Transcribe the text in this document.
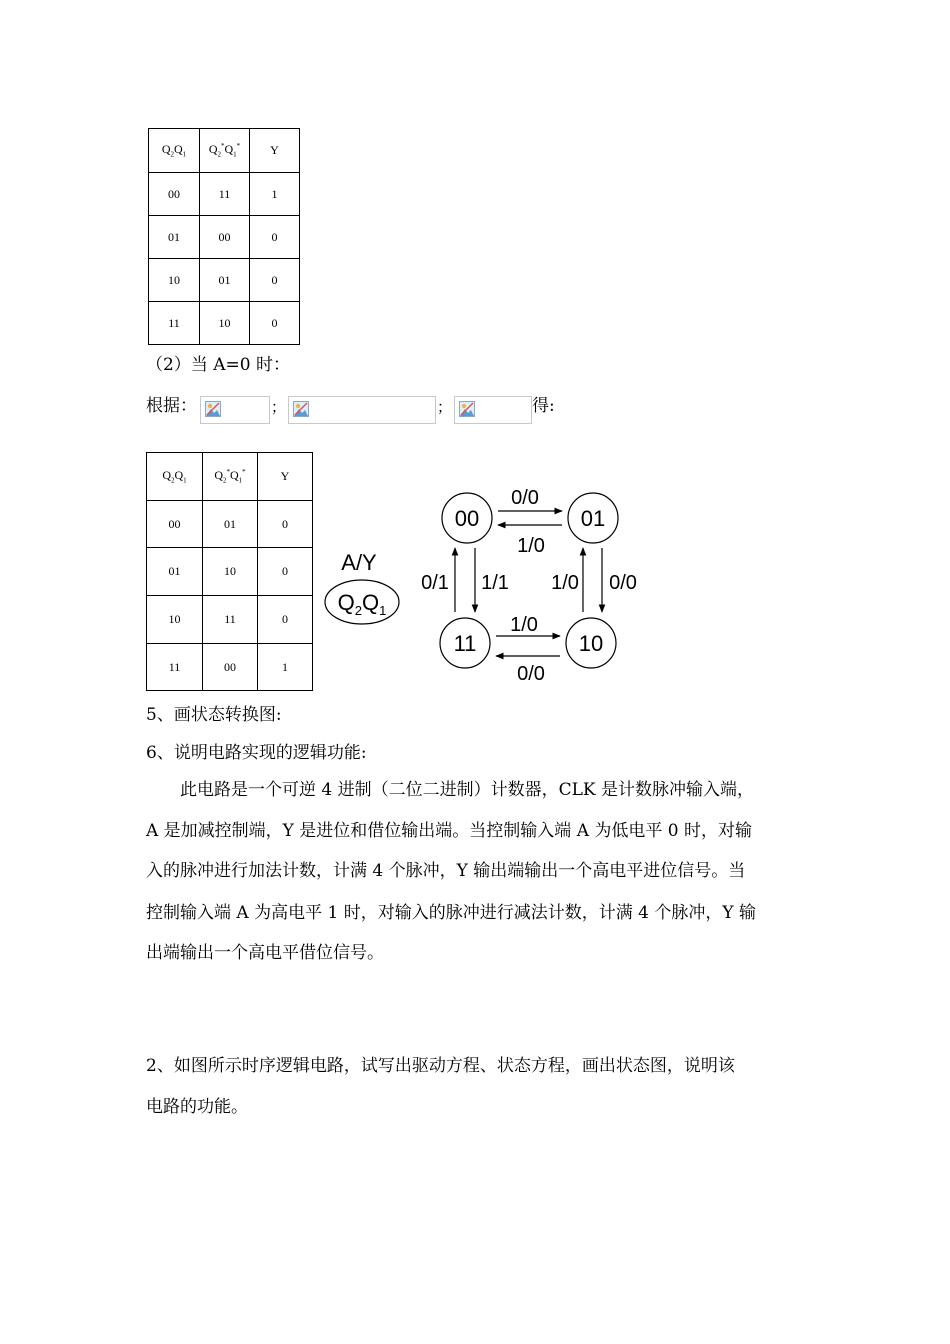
$Q_2Q_1$	$Q_2^*Q_1^*$	Y
00	11	1
01	00	0
10	01	0
11	10	0
（2）当 A=0 时：
根据：	；	；	得:
$Q_2Q_1$	$Q_2^*Q_1^*$	Y
00	01	0
01	10	0
10	11	0
11	00	1
A/Y
$Q_2Q_1$
00	01
11	10
0/0
1/0
0/1 1/1 1/0 0/0
1/0
0/0
5、画状态转换图:
6、说明电路实现的逻辑功能:
　　此电路是一个可逆 4 进制（二位二进制）计数器，CLK 是计数脉冲输入端，
A 是加减控制端，Y 是进位和借位输出端。当控制输入端 A 为低电平 0 时，对输
入的脉冲进行加法计数，计满 4 个脉冲，Y 输出端输出一个高电平进位信号。当
控制输入端 A 为高电平 1 时，对输入的脉冲进行减法计数，计满 4 个脉冲，Y 输
出端输出一个高电平借位信号。
2、如图所示时序逻辑电路，试写出驱动方程、状态方程，画出状态图，说明该
电路的功能。
